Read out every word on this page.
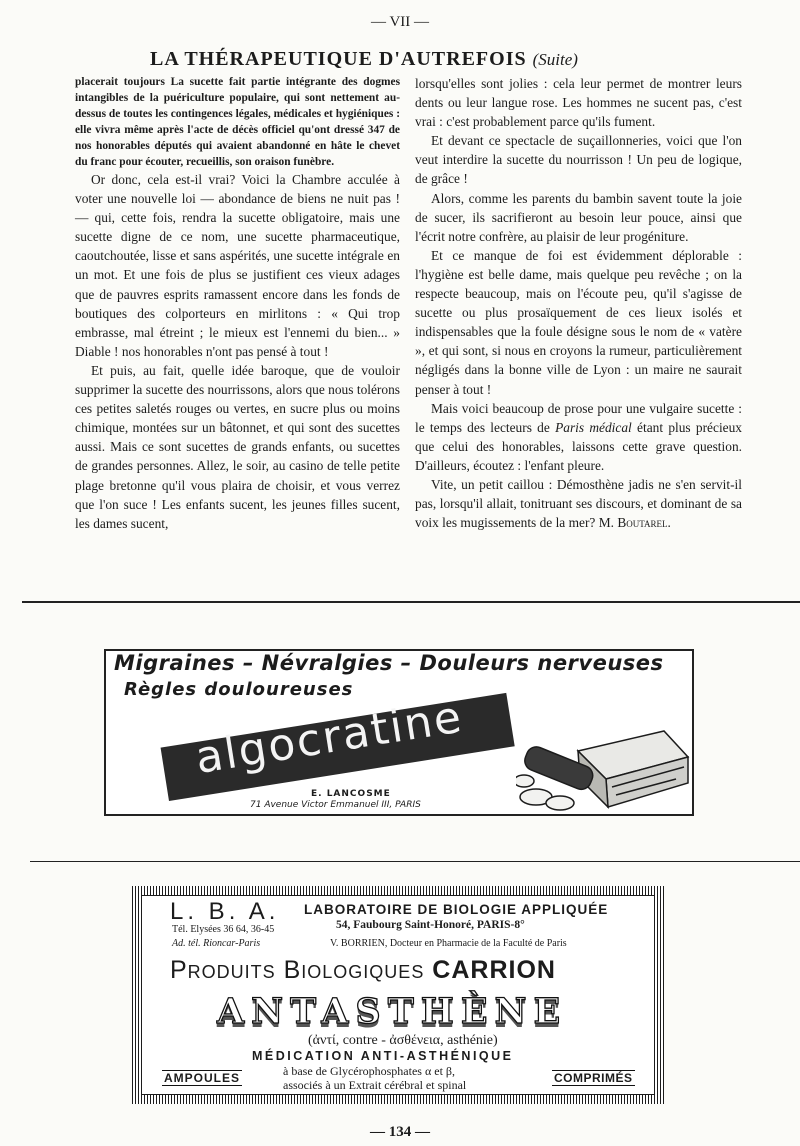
— VII —
LA THÉRAPEUTIQUE D'AUTREFOIS (Suite)

placerait toujours La sucette fait partie intégrante des dogmes intangibles de la puériculture populaire, qui sont nettement au-dessus de toutes les contingences légales, médicales et hygiéniques : elle vivra même après l'acte de décès officiel qu'ont dressé 347 de nos honorables députés qui avaient abandonné en hâte le chevet du franc pour écouter, recueillis, son oraison funèbre.

Or donc, cela est-il vrai? Voici la Chambre acculée à voter une nouvelle loi — abondance de biens ne nuit pas ! — qui, cette fois, rendra la sucette obligatoire, mais une sucette digne de ce nom, une sucette pharmaceutique, caoutchoutée, lisse et sans aspérités, une sucette intégrale en un mot. Et une fois de plus se justifient ces vieux adages que de pauvres esprits ramassent encore dans les fonds de boutiques des colporteurs en mirlitons : « Qui trop embrasse, mal étreint ; le mieux est l'ennemi du bien... » Diable ! nos honorables n'ont pas pensé à tout !

Et puis, au fait, quelle idée baroque, que de vouloir supprimer la sucette des nourrissons, alors que nous tolérons ces petites saletés rouges ou vertes, en sucre plus ou moins chimique, montées sur un bâtonnet, et qui sont des sucettes aussi. Mais ce sont sucettes de grands enfants, ou sucettes de grandes personnes. Allez, le soir, au casino de telle petite plage bretonne qu'il vous plaira de choisir, et vous verrez que l'on suce ! Les enfants sucent, les jeunes filles sucent, les dames sucent,

lorsqu'elles sont jolies : cela leur permet de montrer leurs dents ou leur langue rose. Les hommes ne sucent pas, c'est vrai : c'est probablement parce qu'ils fument.

Et devant ce spectacle de suçaillonneries, voici que l'on veut interdire la sucette du nourrisson ! Un peu de logique, de grâce !

Alors, comme les parents du bambin savent toute la joie de sucer, ils sacrifieront au besoin leur pouce, ainsi que l'écrit notre confrère, au plaisir de leur progéniture.

Et ce manque de foi est évidemment déplorable : l'hygiène est belle dame, mais quelque peu revêche ; on la respecte beaucoup, mais on l'écoute peu, qu'il s'agisse de sucette ou plus prosaïquement de ces lieux isolés et indispensables que la foule désigne sous le nom de « vatère », et qui sont, si nous en croyons la rumeur, particulièrement négligés dans la bonne ville de Lyon : un maire ne saurait penser à tout !

Mais voici beaucoup de prose pour une vulgaire sucette : le temps des lecteurs de Paris médical étant plus précieux que celui des honorables, laissons cette grave question. D'ailleurs, écoutez : l'enfant pleure.

Vite, un petit caillou : Démosthène jadis ne s'en servit-il pas, lorsqu'il allait, tonitruant ses discours, et dominant de sa voix les mugissements de la mer? M. Boutarel.

Migraines – Névralgies – Douleurs nerveuses
Règles douloureuses
algocratine
E. LANCOSME
71 Avenue Victor Emmanuel III, PARIS
L. B. A. LABORATOIRE DE BIOLOGIE APPLIQUÉE
54, Faubourg Saint-Honoré, PARIS-8°
Tél. Elysées 36 64, 36-45
Ad. tél. Rioncar-Paris	V. BORRIEN, Docteur en Pharmacie de la Faculté de Paris
Produits Biologiques CARRION
ANTASTHÈNE
(ἀντί, contre - ἀσθένεια, asthénie)
MÉDICATION ANTI-ASTHÉNIQUE
AMPOULES	à base de Glycérophosphates α et β,
associés à un Extrait cérébral et spinal	COMPRIMÉS
— 134 —
